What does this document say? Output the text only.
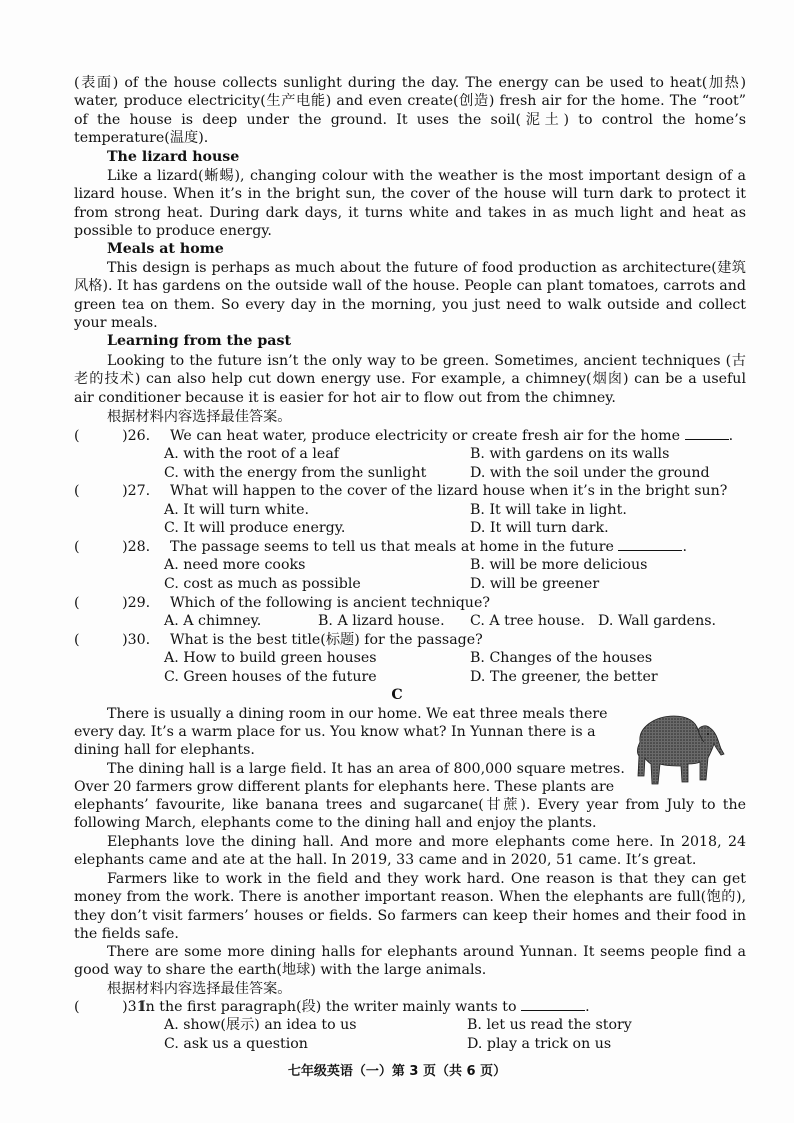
(表面) of the house collects sunlight during the day. The energy can be used to heat(加热) water, produce electricity(生产电能) and even create(创造) fresh air for the home. The “root” of the house is deep under the ground. It uses the soil(泥土) to control the home’s temperature(温度).

The lizard house

Like a lizard(蜥蜴), changing colour with the weather is the most important design of a lizard house. When it’s in the bright sun, the cover of the house will turn dark to protect it from strong heat. During dark days, it turns white and takes in as much light and heat as possible to produce energy.

Meals at home

This design is perhaps as much about the future of food production as architecture(建筑风格). It has gardens on the outside wall of the house. People can plant tomatoes, carrots and green tea on them. So every day in the morning, you just need to walk outside and collect your meals.

Learning from the past

Looking to the future isn’t the only way to be green. Sometimes, ancient techniques (古老的技术) can also help cut down energy use. For example, a chimney(烟囱) can be a useful air conditioner because it is easier for hot air to flow out from the chimney.

根据材料内容选择最佳答案。
(　　　)26. We can heat water, produce electricity or create fresh air for the home	.
A. with the root of a leaf	B. with gardens on its walls
C. with the energy from the sunlight	D. with the soil under the ground
(　　　)27. What will happen to the cover of the lizard house when it’s in the bright sun?
A. It will turn white.	B. It will take in light.
C. It will produce energy.	D. It will turn dark.
(　　　)28. The passage seems to tell us that meals at home in the future	.
A. need more cooks	B. will be more delicious
C. cost as much as possible	D. will be greener
(　　　)29. Which of the following is ancient technique?
A. A chimney.	B. A lizard house. C. A tree house. D. Wall gardens.
(　　　)30. What is the best title(标题) for the passage?
A. How to build green houses	B. Changes of the houses
C. Green houses of the future	D. The greener, the better
C
There is usually a dining room in our home. We eat three meals there
every day. It’s a warm place for us. You know what? In Yunnan there is a
dining hall for elephants.
The dining hall is a large field. It has an area of 800,000 square metres.
Over 20 farmers grow different plants for elephants here. These plants are

elephants’ favourite, like banana trees and sugarcane(甘蔗). Every year from July to the following March, elephants come to the dining hall and enjoy the plants.

Elephants love the dining hall. And more and more elephants come here. In 2018, 24 elephants came and ate at the hall. In 2019, 33 came and in 2020, 51 came. It’s great.

Farmers like to work in the field and they work hard. One reason is that they can get money from the work. There is another important reason. When the elephants are full(饱的), they don’t visit farmers’ houses or fields. So farmers can keep their homes and their food in the fields safe.

There are some more dining halls for elephants around Yunnan. It seems people find a good way to share the earth(地球) with the large animals.

根据材料内容选择最佳答案。
(　　　)31.
In the first paragraph(段) the writer mainly wants to	.
A. show(展示) an idea to us	B. let us read the story
C. ask us a question	D. play a trick on us
七年级英语（一）第 3 页（共 6 页）
